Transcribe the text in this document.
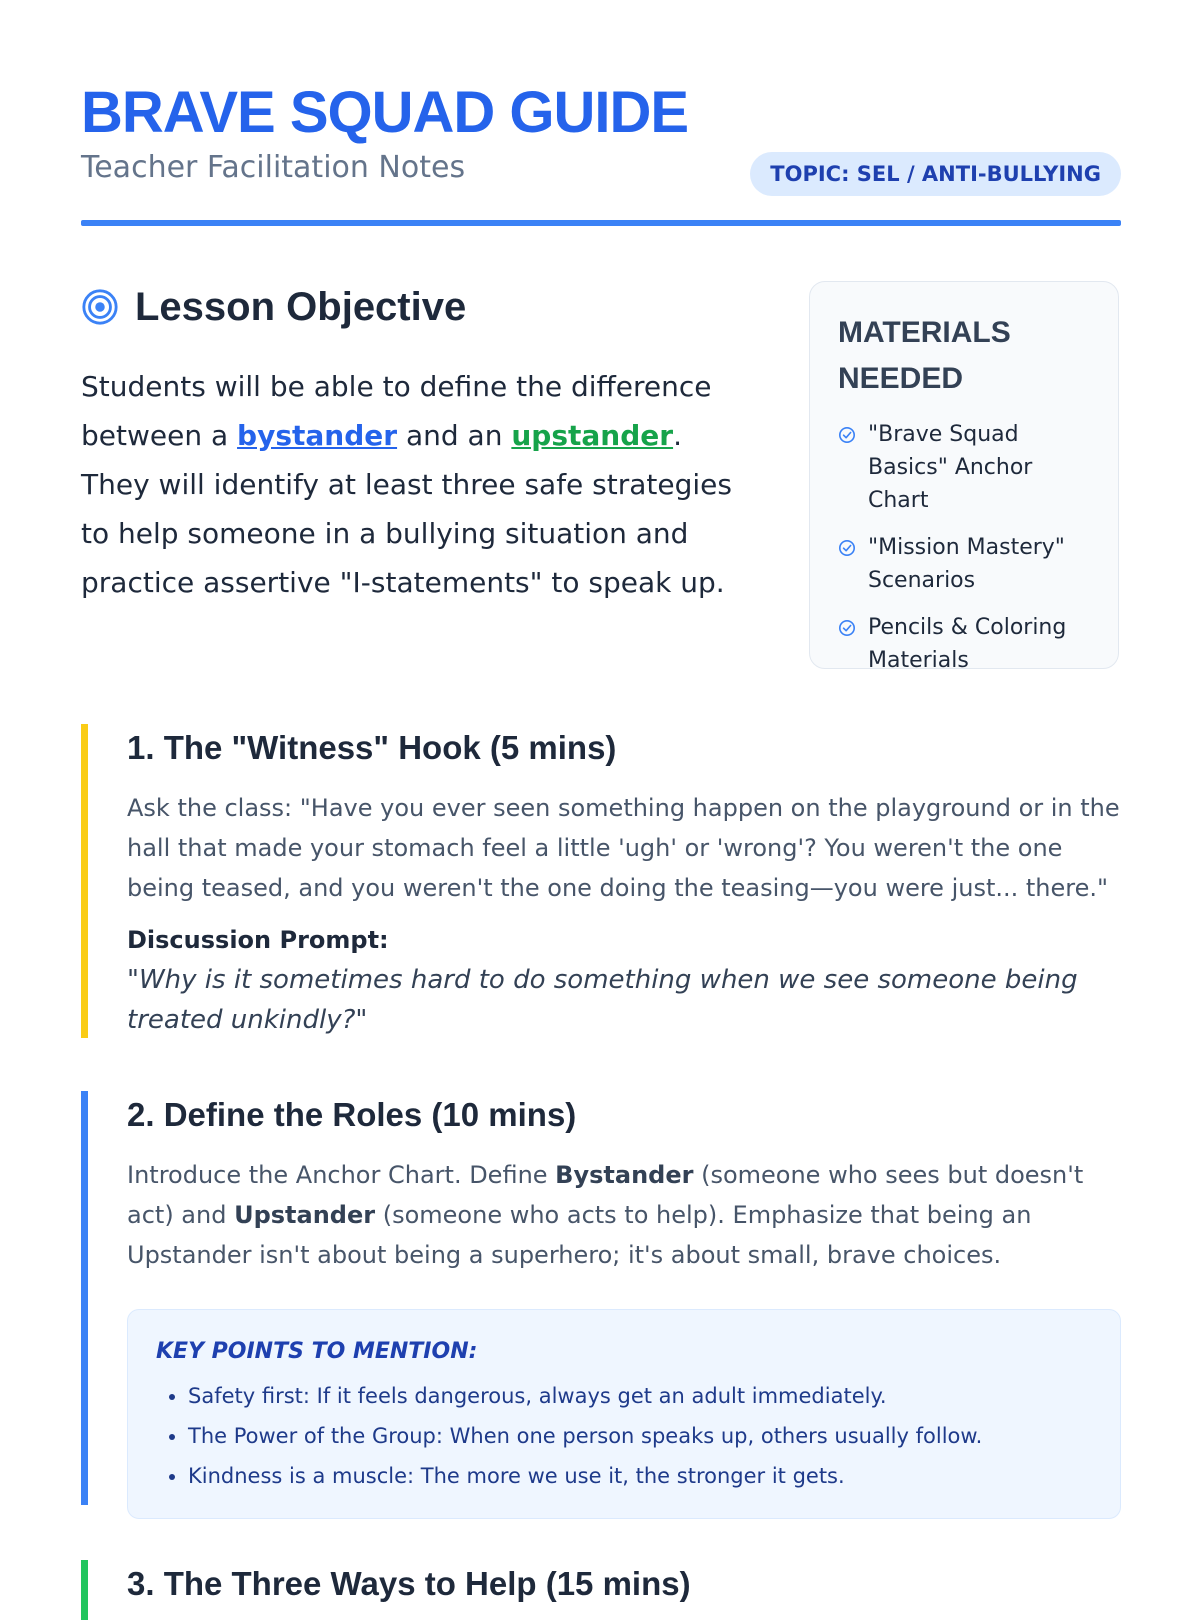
BRAVE SQUAD GUIDE
Teacher Facilitation Notes	TOPIC: SEL / ANTI-BULLYING
Lesson Objective
Students will be able to define the difference between a bystander and an upstander. They will identify at least three safe strategies to help someone in a bullying situation and practice assertive "I-statements" to speak up.
MATERIALS NEEDED
"Brave Squad Basics" Anchor Chart
"Mission Mastery" Scenarios
Pencils & Coloring Materials
1. The "Witness" Hook (5 mins)
Ask the class: "Have you ever seen something happen on the playground or in the hall that made your stomach feel a little 'ugh' or 'wrong'? You weren't the one being teased, and you weren't the one doing the teasing—you were just... there."
Discussion Prompt:
"Why is it sometimes hard to do something when we see someone being treated unkindly?"
2. Define the Roles (10 mins)
Introduce the Anchor Chart. Define Bystander (someone who sees but doesn't act) and Upstander (someone who acts to help). Emphasize that being an Upstander isn't about being a superhero; it's about small, brave choices.
KEY POINTS TO MENTION:
• Safety first: If it feels dangerous, always get an adult immediately.
• The Power of the Group: When one person speaks up, others usually follow.
• Kindness is a muscle: The more we use it, the stronger it gets.
3. The Three Ways to Help (15 mins)
